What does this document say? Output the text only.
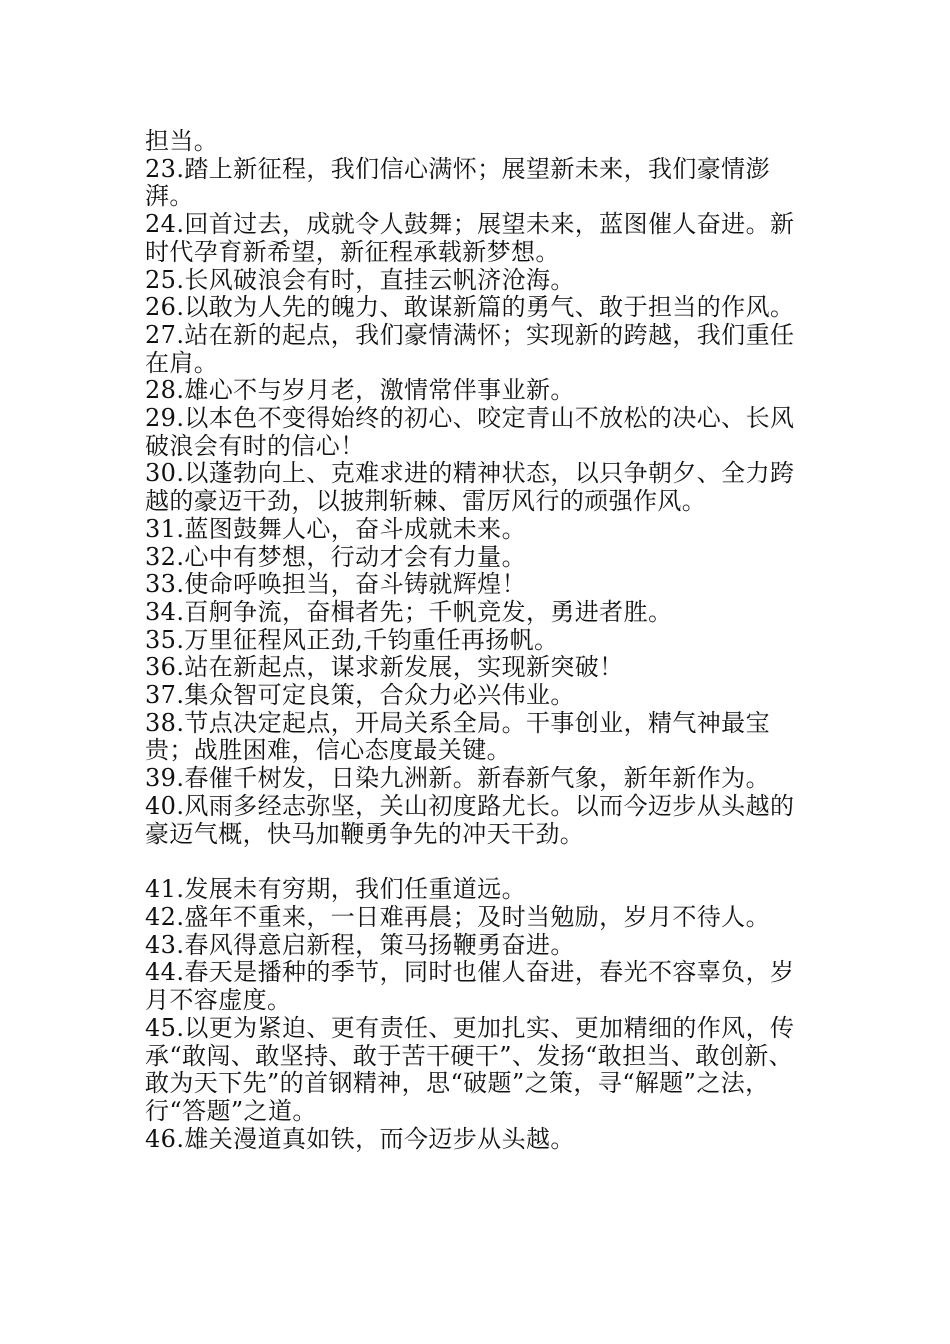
担当。

23.踏上新征程，我们信心满怀；展望新未来，我们豪情澎湃。

24.回首过去，成就令人鼓舞；展望未来，蓝图催人奋进。新时代孕育新希望，新征程承载新梦想。

25.长风破浪会有时，直挂云帆济沧海。

26.以敢为人先的魄力、敢谋新篇的勇气、敢于担当的作风。

27.站在新的起点，我们豪情满怀；实现新的跨越，我们重任在肩。

28.雄心不与岁月老，激情常伴事业新。

29.以本色不变得始终的初心、咬定青山不放松的决心、长风破浪会有时的信心！

30.以蓬勃向上、克难求进的精神状态，以只争朝夕、全力跨越的豪迈干劲，以披荆斩棘、雷厉风行的顽强作风。

31.蓝图鼓舞人心，奋斗成就未来。

32.心中有梦想，行动才会有力量。

33.使命呼唤担当，奋斗铸就辉煌！

34.百舸争流，奋楫者先；千帆竞发，勇进者胜。

35.万里征程风正劲,千钧重任再扬帆。

36.站在新起点，谋求新发展，实现新突破！

37.集众智可定良策，合众力必兴伟业。

38.节点决定起点，开局关系全局。干事创业，精气神最宝贵；战胜困难，信心态度最关键。

39.春催千树发，日染九洲新。新春新气象，新年新作为。

40.风雨多经志弥坚，关山初度路尤长。以而今迈步从头越的豪迈气概，快马加鞭勇争先的冲天干劲。

41.发展未有穷期，我们任重道远。

42.盛年不重来，一日难再晨；及时当勉励，岁月不待人。

43.春风得意启新程，策马扬鞭勇奋进。

44.春天是播种的季节，同时也催人奋进，春光不容辜负，岁月不容虚度。

45.以更为紧迫、更有责任、更加扎实、更加精细的作风，传承“敢闯、敢坚持、敢于苦干硬干”、发扬“敢担当、敢创新、敢为天下先”的首钢精神，思“破题”之策，寻“解题”之法，行“答题”之道。

46.雄关漫道真如铁，而今迈步从头越。
